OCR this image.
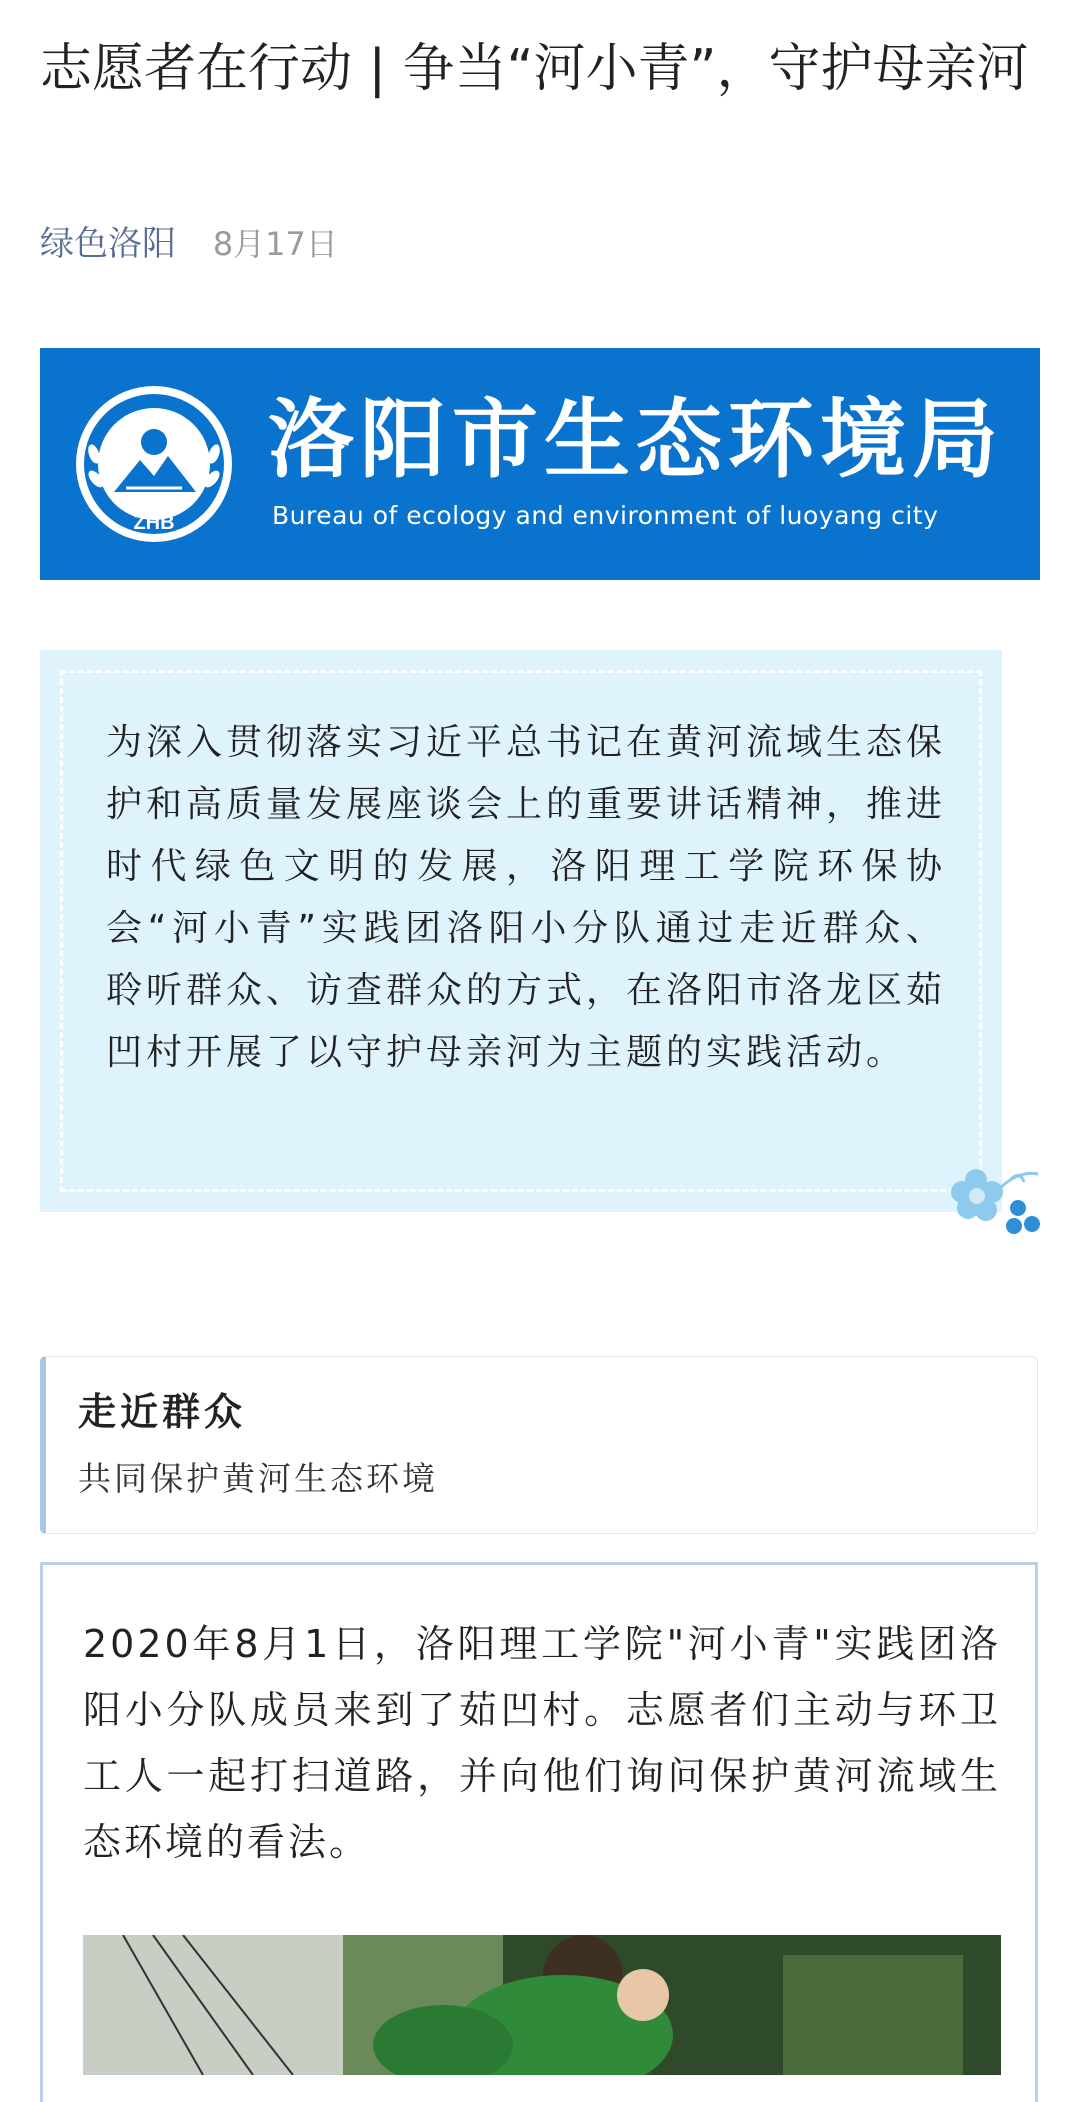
志愿者在行动 | 争当“河小青”，守护母亲河
绿色洛阳 8月17日
ZHB
洛阳市生态环境局
Bureau of ecology and environment of luoyang city
为深入贯彻落实习近平总书记在黄河流域生态保护和高质量发展座谈会上的重要讲话精神，推进时代绿色文明的发展，洛阳理工学院环保协会“河小青”实践团洛阳小分队通过走近群众、聆听群众、访查群众的方式，在洛阳市洛龙区茹凹村开展了以守护母亲河为主题的实践活动。
走近群众
共同保护黄河生态环境
2020年8月1日，洛阳理工学院"河小青"实践团洛阳小分队成员来到了茹凹村。志愿者们主动与环卫工人一起打扫道路，并向他们询问保护黄河流域生态环境的看法。
